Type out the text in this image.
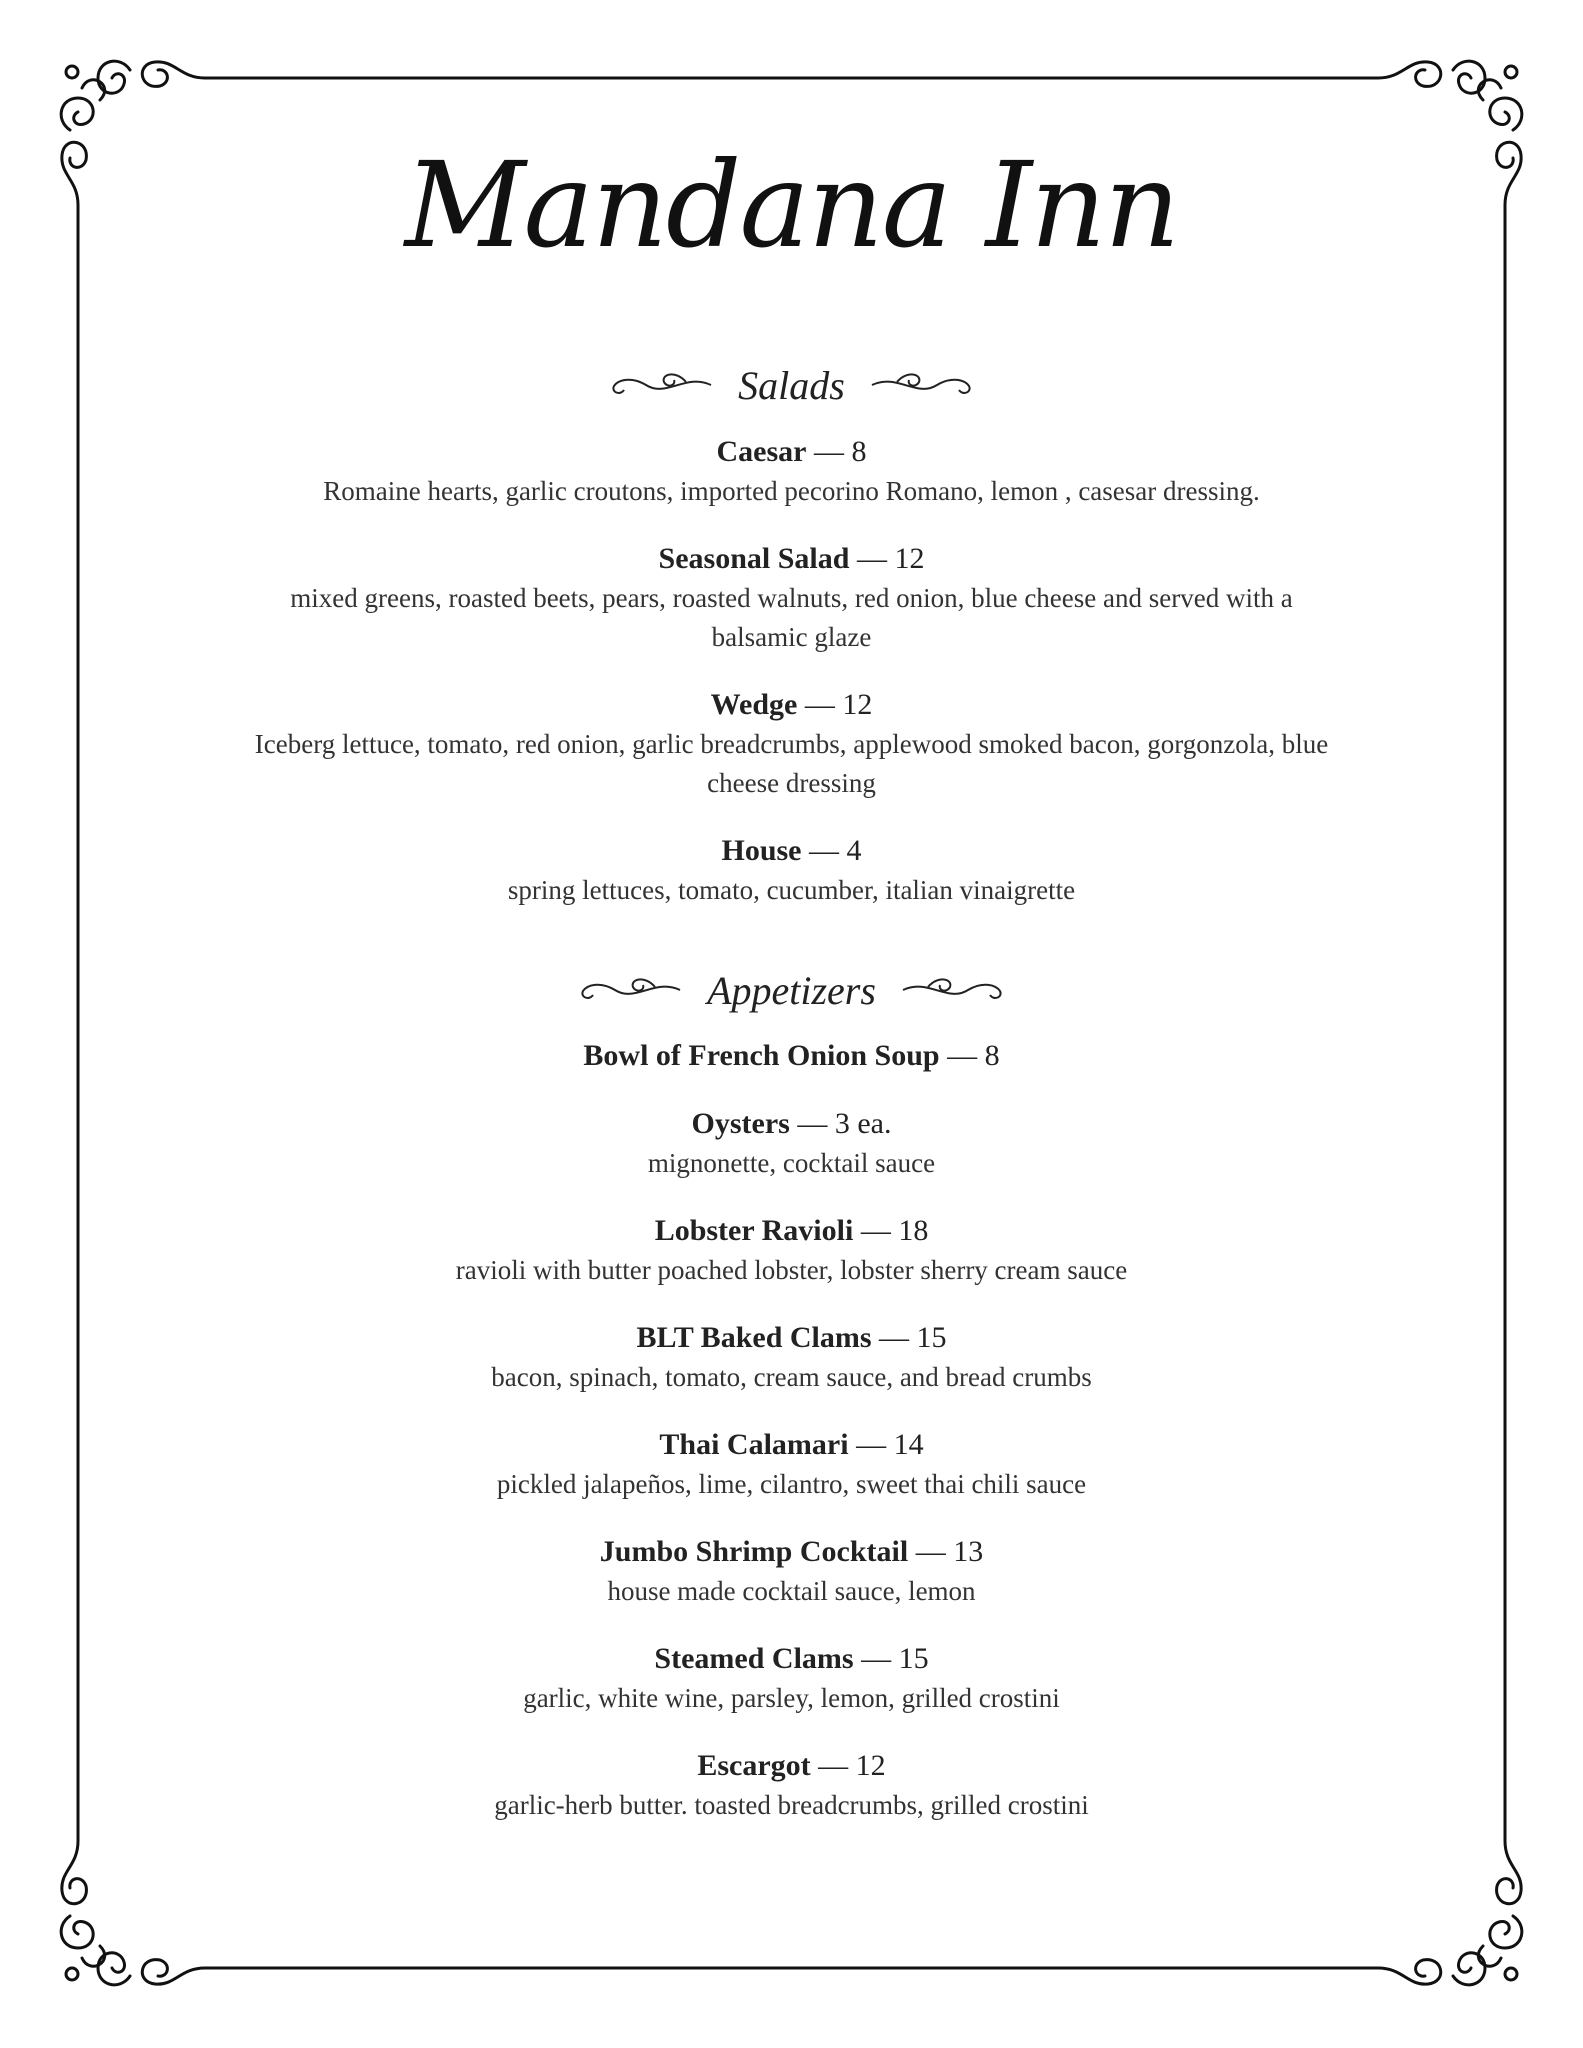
Mandana Inn
Salads
Caesar — 8
Romaine hearts, garlic croutons, imported pecorino Romano, lemon , casesar dressing.
Seasonal Salad — 12
mixed greens, roasted beets, pears, roasted walnuts, red onion, blue cheese and served with a balsamic glaze
Wedge — 12
Iceberg lettuce, tomato, red onion, garlic breadcrumbs, applewood smoked bacon, gorgonzola, blue cheese dressing
House — 4
spring lettuces, tomato, cucumber, italian vinaigrette
Appetizers
Bowl of French Onion Soup — 8
Oysters — 3 ea.
mignonette, cocktail sauce
Lobster Ravioli — 18
ravioli with butter poached lobster, lobster sherry cream sauce
BLT Baked Clams — 15
bacon, spinach, tomato, cream sauce, and bread crumbs
Thai Calamari — 14
pickled jalapeños, lime, cilantro, sweet thai chili sauce
Jumbo Shrimp Cocktail — 13
house made cocktail sauce, lemon
Steamed Clams — 15
garlic, white wine, parsley, lemon, grilled crostini
Escargot — 12
garlic-herb butter. toasted breadcrumbs, grilled crostini
